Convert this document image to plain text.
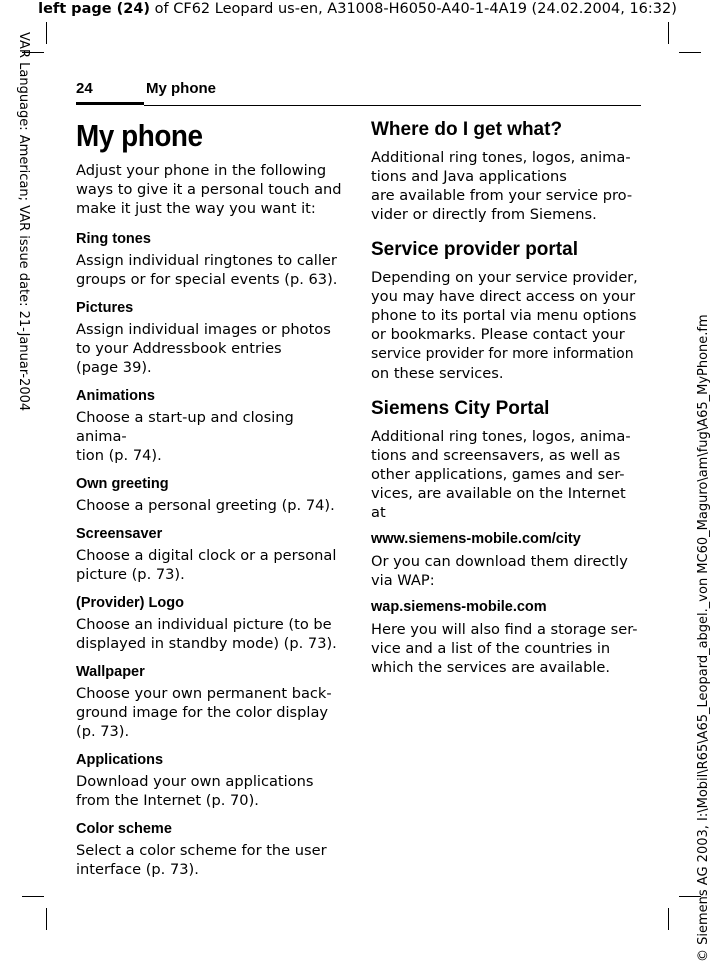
left page (24) of CF62 Leopard us-en, A31008-H6050-A40-1-4A19 (24.02.2004, 16:32)
VAR Language: American; VAR issue date: 21-Januar-2004
© Siemens AG 2003, I:\Mobil\R65\A65_Leopard_abgel._von MC60_Maguro\am\fug\A65_MyPhone.fm
24	My phone
My phone

Adjust your phone in the following
ways to give it a personal touch and
make it just the way you want it:

Ring tones

Assign individual ringtones to caller
groups or for special events (p. 63).

Pictures

Assign individual images or photos
to your Addressbook entries
(page 39).

Animations

Choose a start-up and closing anima-
tion (p. 74).

Own greeting

Choose a personal greeting (p. 74).

Screensaver

Choose a digital clock or a personal
picture (p. 73).

(Provider) Logo

Choose an individual picture (to be
displayed in standby mode) (p. 73).

Wallpaper

Choose your own permanent back-
ground image for the color display
(p. 73).

Applications

Download your own applications
from the Internet (p. 70).

Color scheme

Select a color scheme for the user
interface (p. 73).

Where do I get what?

Additional ring tones, logos, anima-
tions and Java applications
are available from your service pro-
vider or directly from Siemens.

Service provider portal

Depending on your service provider,
you may have direct access on your
phone to its portal via menu options
or bookmarks. Please contact your
service provider for more information
on these services.

Siemens City Portal

Additional ring tones, logos, anima-
tions and screensavers, as well as
other applications, games and ser-
vices, are available on the Internet at

www.siemens-mobile.com/city

Or you can download them directly
via WAP:

wap.siemens-mobile.com

Here you will also find a storage ser-
vice and a list of the countries in
which the services are available.
